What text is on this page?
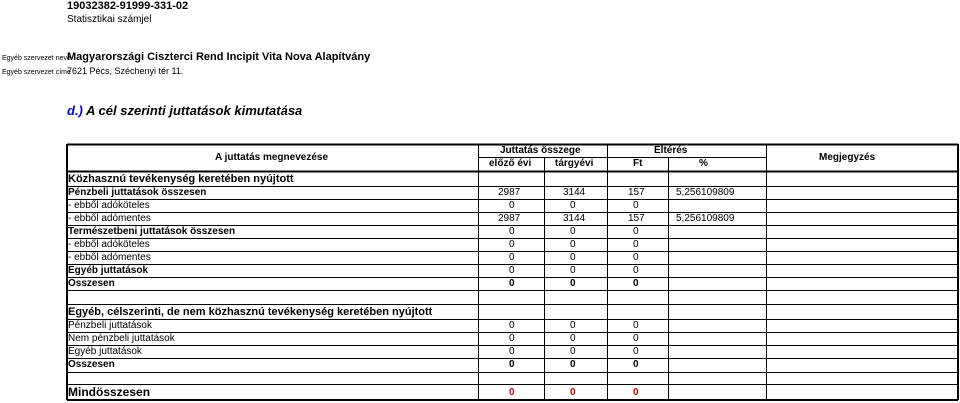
19032382-91999-331-02
Statisztikai számjel
Egyéb szervezet neve
Magyarországi Ciszterci Rend Incipit Vita Nova Alapítvány
Egyéb szervezet címe
7621 Pécs, Széchenyi tér 11.
d.) A cél szerinti juttatások kimutatása
A juttatás megnevezése
Juttatás összege	Eltérés
előző évi tárgyévi	Ft	%
Megjegyzés
Közhasznú tevékenység keretében nyújtott
Pénzbeli juttatások összesen	2987	3144	157	5,256109809
- ebből adóköteles	0	0	0
- ebből adómentes	2987	3144	157	5,256109809
Természetbeni juttatások összesen	0	0	0
- ebből adóköteles	0	0	0
- ebből adómentes	0	0	0
Egyéb juttatások	0	0	0
Összesen	0	0	0
Egyéb, célszerinti, de nem közhasznú tevékenység keretében nyújtott
Pénzbeli juttatások	0	0	0
Nem pénzbeli juttatások	0	0	0
Egyéb juttatások	0	0	0
Összesen	0	0	0
Mindösszesen	0	0	0
